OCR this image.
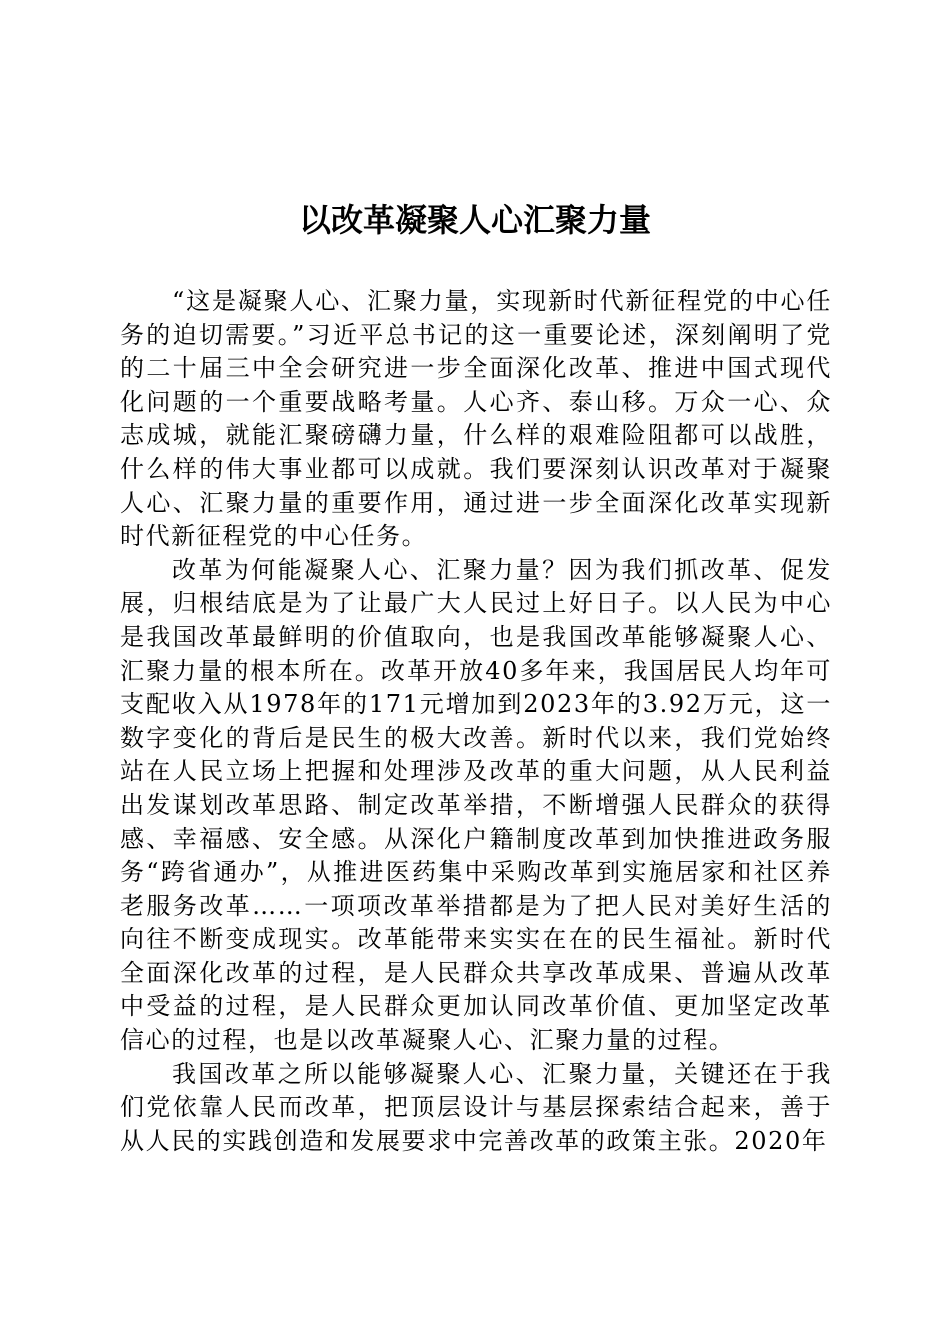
以改革凝聚人心汇聚力量

“这是凝聚人心、汇聚力量，实现新时代新征程党的中心任务的迫切需要。”习近平总书记的这一重要论述，深刻阐明了党的二十届三中全会研究进一步全面深化改革、推进中国式现代化问题的一个重要战略考量。人心齐、泰山移。万众一心、众志成城，就能汇聚磅礴力量，什么样的艰难险阻都可以战胜，什么样的伟大事业都可以成就。我们要深刻认识改革对于凝聚人心、汇聚力量的重要作用，通过进一步全面深化改革实现新时代新征程党的中心任务。

改革为何能凝聚人心、汇聚力量？因为我们抓改革、促发展，归根结底是为了让最广大人民过上好日子。以人民为中心是我国改革最鲜明的价值取向，也是我国改革能够凝聚人心、汇聚力量的根本所在。改革开放40多年来，我国居民人均年可支配收入从1978年的171元增加到2023年的3.92万元，这一数字变化的背后是民生的极大改善。新时代以来，我们党始终站在人民立场上把握和处理涉及改革的重大问题，从人民利益出发谋划改革思路、制定改革举措，不断增强人民群众的获得感、幸福感、安全感。从深化户籍制度改革到加快推进政务服务“跨省通办”，从推进医药集中采购改革到实施居家和社区养老服务改革……一项项改革举措都是为了把人民对美好生活的向往不断变成现实。改革能带来实实在在的民生福祉。新时代全面深化改革的过程，是人民群众共享改革成果、普遍从改革中受益的过程，是人民群众更加认同改革价值、更加坚定改革信心的过程，也是以改革凝聚人心、汇聚力量的过程。

我国改革之所以能够凝聚人心、汇聚力量，关键还在于我们党依靠人民而改革，把顶层设计与基层探索结合起来，善于从人民的实践创造和发展要求中完善改革的政策主张。2020年
